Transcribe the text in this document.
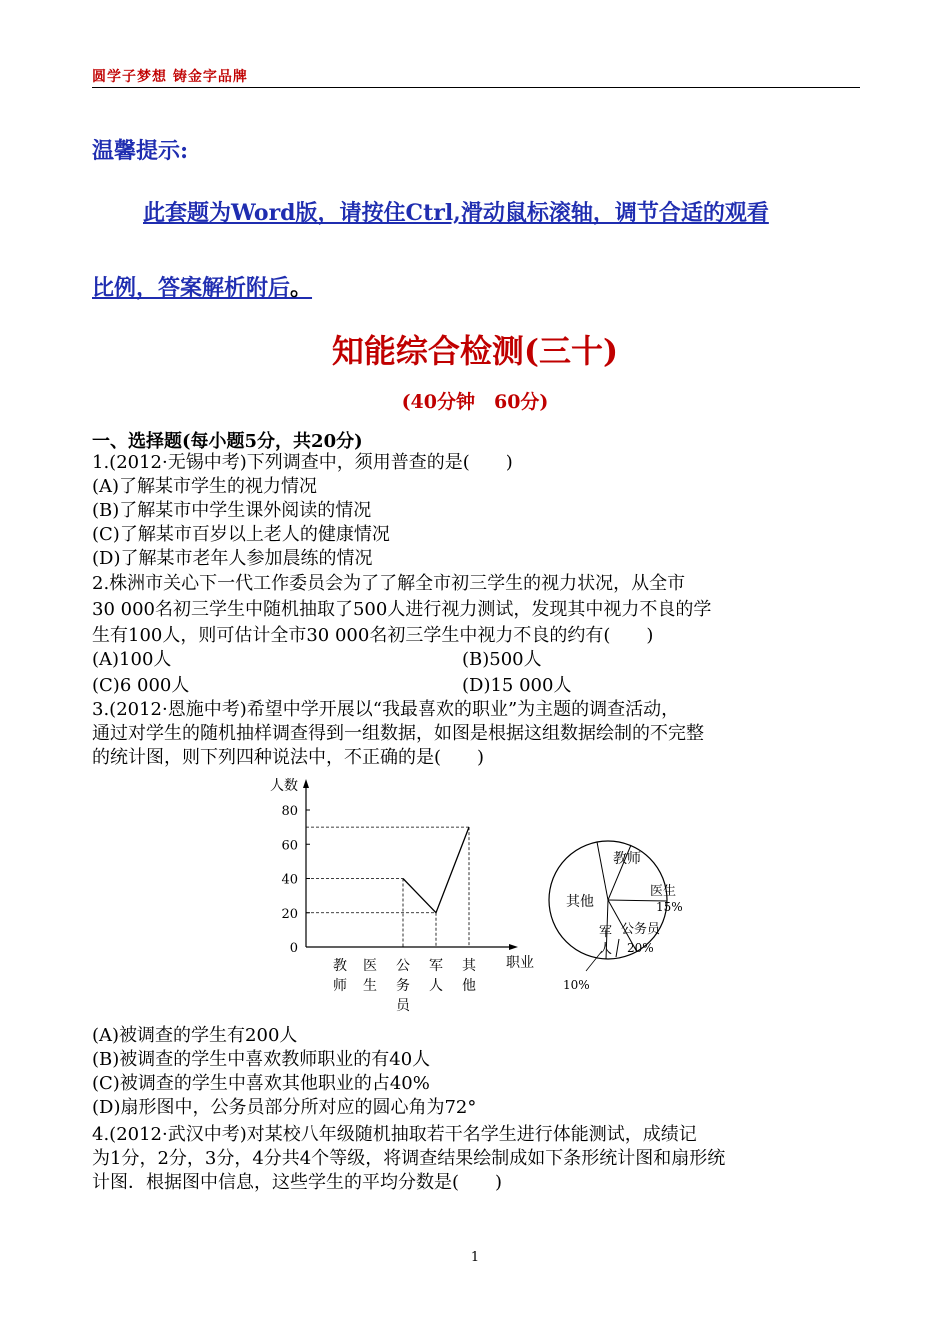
圆学子梦想 铸金字品牌
温馨提示:
此套题为Word版，请按住Ctrl,滑动鼠标滚轴，调节合适的观看
比例，答案解析附后。
知能综合检测(三十)
(40分钟　60分)
一、选择题(每小题5分，共20分)
1.(2012·无锡中考)下列调查中，须用普查的是(　　)
(A)了解某市学生的视力情况
(B)了解某市中学生课外阅读的情况
(C)了解某市百岁以上老人的健康情况
(D)了解某市老年人参加晨练的情况
2.株洲市关心下一代工作委员会为了了解全市初三学生的视力状况，从全市
30 000名初三学生中随机抽取了500人进行视力测试，发现其中视力不良的学
生有100人，则可估计全市30 000名初三学生中视力不良的约有(　　)
(A)100人	(B)500人
(C)6 000人	(D)15 000人
3.(2012·恩施中考)希望中学开展以“我最喜欢的职业”为主题的调查活动，
通过对学生的随机抽样调查得到一组数据，如图是根据这组数据绘制的不完整
的统计图，则下列四种说法中，不正确的是(　　)
人数
职业
0
20
40
60
80
教
师
医
生
公
务
员
军
人
其
他
教师
医生
15%
公务员
20%
军
人
10%
其他
(A)被调查的学生有200人
(B)被调查的学生中喜欢教师职业的有40人
(C)被调查的学生中喜欢其他职业的占40%
(D)扇形图中，公务员部分所对应的圆心角为72°
4.(2012·武汉中考)对某校八年级随机抽取若干名学生进行体能测试，成绩记
为1分，2分，3分，4分共4个等级，将调查结果绘制成如下条形统计图和扇形统
计图．根据图中信息，这些学生的平均分数是(　　)
1
